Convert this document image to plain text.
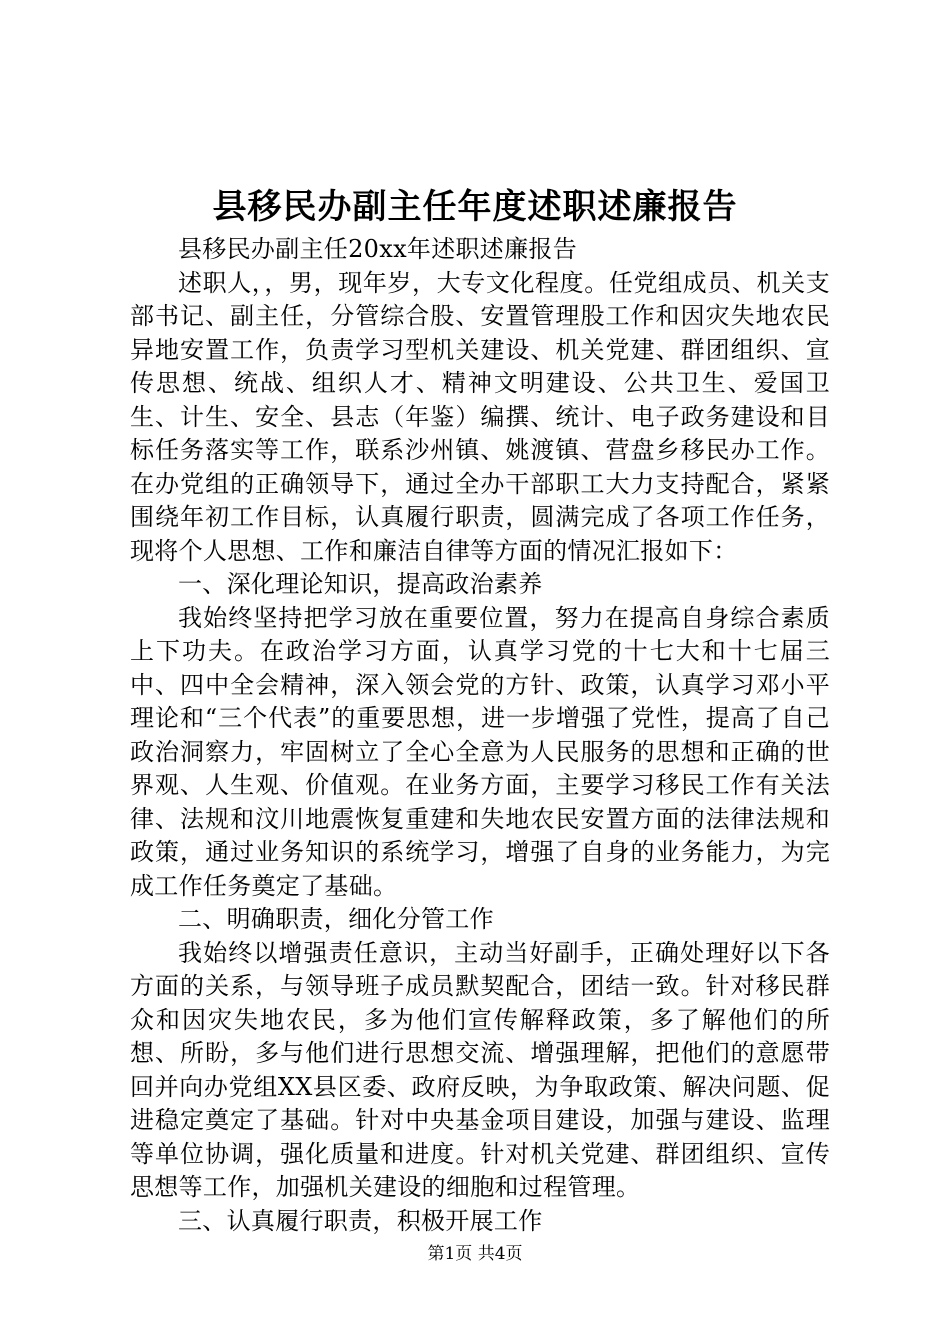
县移民办副主任年度述职述廉报告

县移民办副主任20xx年述职述廉报告

述职人，，男，现年岁，大专文化程度。任党组成员、机关支部书记、副主任，分管综合股、安置管理股工作和因灾失地农民异地安置工作，负责学习型机关建设、机关党建、群团组织、宣传思想、统战、组织人才、精神文明建设、公共卫生、爱国卫生、计生、安全、县志（年鉴）编撰、统计、电子政务建设和目标任务落实等工作，联系沙州镇、姚渡镇、营盘乡移民办工作。在办党组的正确领导下，通过全办干部职工大力支持配合，紧紧围绕年初工作目标，认真履行职责，圆满完成了各项工作任务，现将个人思想、工作和廉洁自律等方面的情况汇报如下：

一、深化理论知识，提高政治素养

我始终坚持把学习放在重要位置，努力在提高自身综合素质上下功夫。在政治学习方面，认真学习党的十七大和十七届三中、四中全会精神，深入领会党的方针、政策，认真学习邓小平理论和“三个代表”的重要思想，进一步增强了党性，提高了自己政治洞察力，牢固树立了全心全意为人民服务的思想和正确的世界观、人生观、价值观。在业务方面，主要学习移民工作有关法律、法规和汶川地震恢复重建和失地农民安置方面的法律法规和政策，通过业务知识的系统学习，增强了自身的业务能力，为完成工作任务奠定了基础。

二、明确职责，细化分管工作

我始终以增强责任意识，主动当好副手，正确处理好以下各方面的关系，与领导班子成员默契配合，团结一致。针对移民群众和因灾失地农民，多为他们宣传解释政策，多了解他们的所想、所盼，多与他们进行思想交流、增强理解，把他们的意愿带回并向办党组XX县区委、政府反映，为争取政策、解决问题、促进稳定奠定了基础。针对中央基金项目建设，加强与建设、监理等单位协调，强化质量和进度。针对机关党建、群团组织、宣传思想等工作，加强机关建设的细胞和过程管理。

三、认真履行职责，积极开展工作

第1页 共4页
